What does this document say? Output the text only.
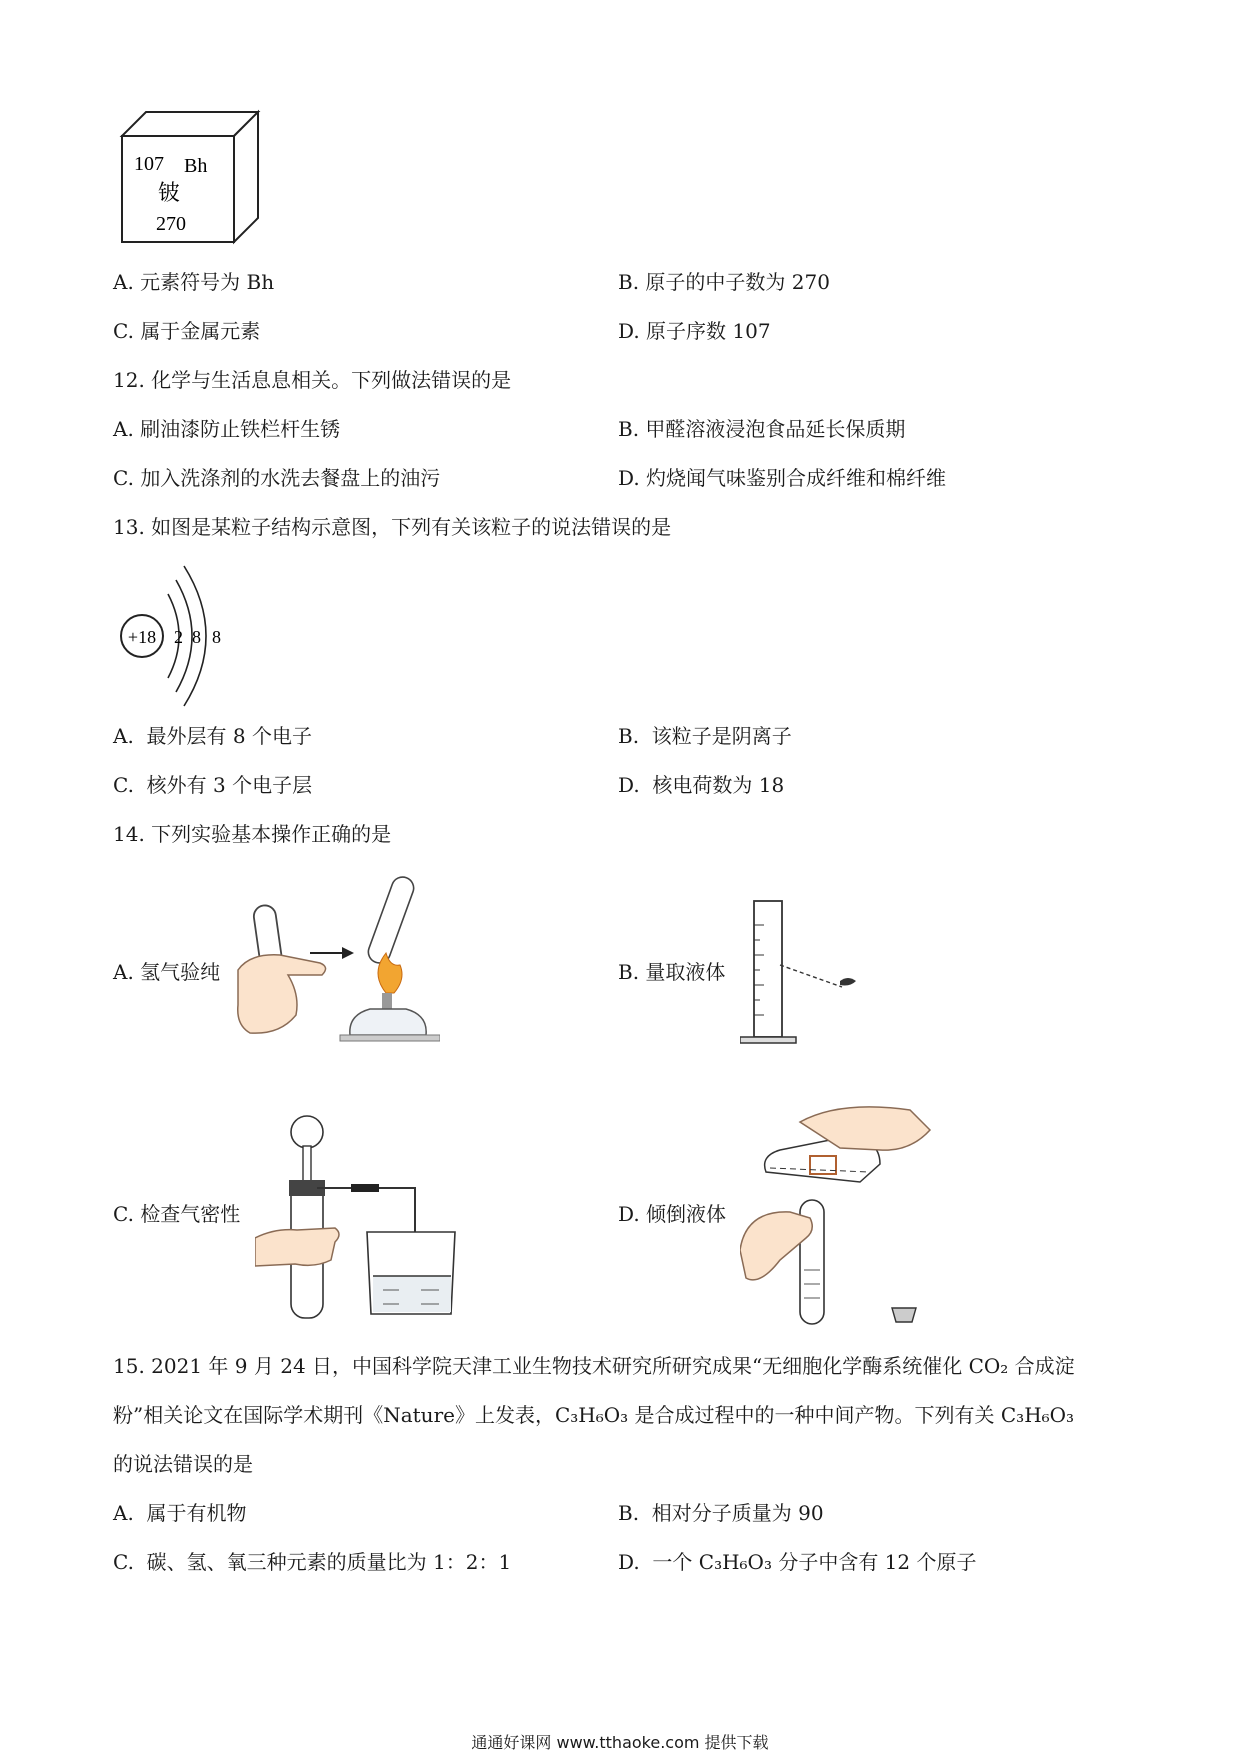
107 Bh
铍
270
A. 元素符号为 Bh	B. 原子的中子数为 270
C. 属于金属元素	D. 原子序数 107
12. 化学与生活息息相关。下列做法错误的是
A. 刷油漆防止铁栏杆生锈	B. 甲醛溶液浸泡食品延长保质期
C. 加入洗涤剂的水洗去餐盘上的油污	D. 灼烧闻气味鉴别合成纤维和棉纤维
13. 如图是某粒子结构示意图，下列有关该粒子的说法错误的是
+18 2 8 8
A. 最外层有 8 个电子	B. 该粒子是阴离子
C. 核外有 3 个电子层	D. 核电荷数为 18
14. 下列实验基本操作正确的是
A. 氢气验纯	B. 量取液体
C. 检查气密性	D. 倾倒液体
15. 2021 年 9 月 24 日，中国科学院天津工业生物技术研究所研究成果“无细胞化学酶系统催化 CO₂ 合成淀
粉”相关论文在国际学术期刊《Nature》上发表，C₃H₆O₃ 是合成过程中的一种中间产物。下列有关 C₃H₆O₃
的说法错误的是
A. 属于有机物	B. 相对分子质量为 90
C. 碳、氢、氧三种元素的质量比为 1：2：1	D. 一个 C₃H₆O₃ 分子中含有 12 个原子
通通好课网 www.tthaoke.com 提供下载
